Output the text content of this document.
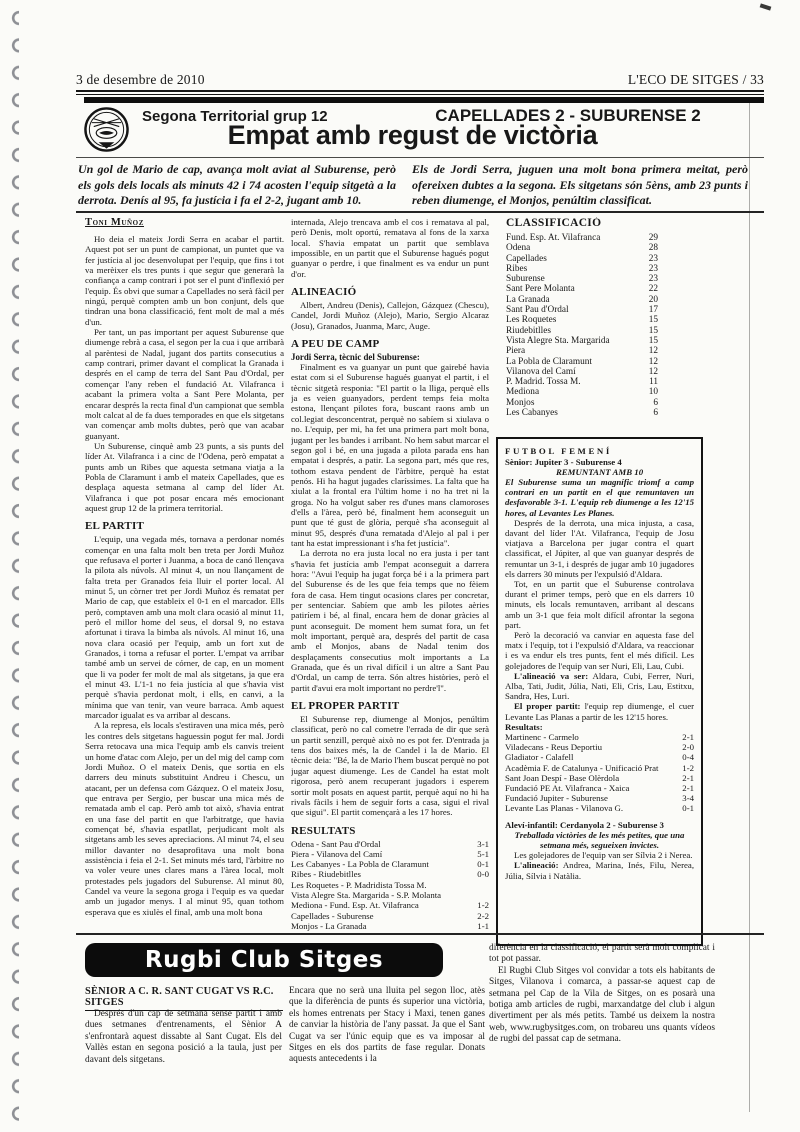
3 de desembre de 2010	L'ECO DE SITGES / 33
Segona Territorial grup 12	CAPELLADES 2 - SUBURENSE 2
Empat amb regust de victòria

Un gol de Mario de cap, avança molt aviat al Suburense, però els gols dels locals als minuts 42 i 74 acosten l'equip sitgetà a la derrota. Denís al 95, fa justícia i fa el 2-2, jugant amb 10.

Els de Jordi Serra, juguen una molt bona primera meitat, però ofereixen dubtes a la segona. Els sitgetans són 5èns, amb 23 punts i reben diumenge, el Monjos, penúltim classificat.

Toni Muñoz

Ho deia el mateix Jordi Serra en acabar el partit. Aquest pot ser un punt de campionat, un puntet que va fer justícia al joc desenvolupat per l'equip, que fins i tot va merèixer els tres punts i que segur que generarà la confiança a camp contrari i pot ser el punt d'inflexió per l'equip. És obvi que sumar a Capellades no serà fàcil per ningú, perquè compten amb un bon conjunt, dels que tindran una bona classificació, fent molt de mal a més d'un.

Per tant, un pas important per aquest Suburense que diumenge rebrà a casa, el segon per la cua i que arribarà al parèntesi de Nadal, jugant dos partits consecutius a camp contrari, primer davant el complicat la Granada i després en el camp de terra del Sant Pau d'Ordal, per començar l'any reben el fundació At. Vilafranca i acabant la primera volta a Sant Pere Molanta, per encarar després la recta final d'un campionat que sembla molt calcat al de fa dues temporades en que els sitgetans van començar amb molts dubtes, però que van acabar guanyant.

Un Suburense, cinquè amb 23 punts, a sis punts del líder At. Vilafranca i a cinc de l'Odena, però empatat a punts amb un Ribes que aquesta setmana viatja a la Pobla de Claramunt i amb el mateix Capellades, que es desplaça aquesta setmana al camp del líder At. Vilafranca i que pot posar encara més emocionant aquest grup 12 de la primera territorial.

EL PARTIT

L'equip, una vegada més, tornava a perdonar només començar en una falta molt ben treta per Jordi Muñoz que refusava el porter i Juanma, a boca de canó llençava la pilota als núvols. Al minut 4, un nou llançament de falta treta per Granados feia lluir el porter local. Al minut 5, un còrner tret per Jordi Muñoz és rematat per Mario de cap, que estableix el 0-1 en el marcador. Ells però, comptaven amb una molt clara ocasió al minut 11, però el millor home del seus, el dorsal 9, no estava afortunat i tirava la bimba als núvols. Al minut 16, una nova clara ocasió per l'equip, amb un fort xut de Granados, i torna a refusar el porter. L'empat va arribar també amb un servei de córner, de cap, en un moment que li va poder fer molt de mal als sitgetans, ja que era el minut 43. L'1-1 no feia justícia al que s'havia vist perquè s'havia perdonat molt, i ells, en canvi, a la mínima que van tenir, van veure barraca. Amb aquest marcador igualat es va arribar al descans.

A la represa, els locals s'estiraven una mica més, però les contres dels sitgetans haguessin pogut fer mal. Jordi Serra retocava una mica l'equip amb els canvis treient un home d'atac com Alejo, per un del mig del camp com Jordi Muñoz. O el mateix Denis, que sortia en els darrers deu minuts substituint Andreu i Chescu, un atacant, per un defensa com Gázquez. O el mateix Josu, que entrava per Sergio, per buscar una mica més de rematada amb el cap. Però amb tot això, s'havia entrat en una fase del partit en que l'arbitratge, que havia començat bé, s'havia espatllat, perjudicant molt als sitgetans amb les seves apreciacions. Al minut 74, el seu millor davanter no desaprofitava una molt bona assistència i feia el 2-1. Set minuts més tard, l'àrbitre no va voler veure unes clares mans a l'àrea local, molt protestades pels jugadors del Suburense. Al minut 80, Candel va veure la segona groga i l'equip es va quedar amb un jugador menys. I al minut 95, quan tothom esperava que es xiulès el final, amb una molt bona

internada, Alejo trencava amb el cos i rematava al pal, però Denis, molt oportú, rematava al fons de la xarxa local. S'havia empatat un partit que semblava impossible, en un partit que el Suburense hagués pogut guanyar o perdre, i que finalment es va endur un punt d'or.

ALINEACIÓ

Albert, Andreu (Denis), Callejon, Gázquez (Chescu), Candel, Jordi Muñoz (Alejo), Mario, Sergio Alcaraz (Josu), Granados, Juanma, Marc, Auge.

A PEU DE CAMP

Jordi Serra, tècnic del Suburense:

Finalment es va guanyar un punt que gairebé havia estat com si el Suburense hagués guanyat el partit, i el tècnic sitgetà responia: "El partit o la lliga, perquè ells ja es veien guanyadors, perdent temps feia molta estona, llençant pilotes fora, buscant raons amb un col.legiat desconcentrat, perquè no sabíem si xiulava o no. L'equip, per mi, ha fet una primera part molt bona, jugant per les bandes i arribant. No hem sabut marcar el segon gol i bé, en una jugada a pilota parada ens han empatat i després, a patir. La segona part, més que res, tothom estava pendent de l'àrbitre, perquè ha estat penós. Hi ha hagut jugades claríssimes. La falta que ha xiulat a la frontal era l'últim home i no ha tret ni la groga. No ha volgut saber res d'unes mans clamoroses d'ells a l'àrea, però bé, finalment hem aconseguit un punt que té gust de glòria, perquè s'ha aconseguit al minut 95, després d'una rematada d'Alejo al pal i per tant ha estat impressionant i s'ha fet justícia".

La derrota no era justa local no era justa i per tant s'havia fet justícia amb l'empat aconseguit a darrera hora: "Avui l'equip ha jugat força bé i a la primera part del Suburense és de les que feia temps que no fèiem fora de casa. Hem tingut ocasions clares per concretar, per sentenciar. Sabíem que amb les pilotes aèries patiríem i bé, al final, encara hem de donar gràcies al punt aconseguit. De moment hem sumat fora, un fet molt important, perquè ara, després del partit de casa amb el Monjos, abans de Nadal tenim dos desplaçaments consecutius molt importants a La Granada, que és un rival difícil i un altre a Sant Pau d'Ordal, un camp de terra. Són altres històries, però el partit d'avui era molt important no perdre'l".

EL PROPER PARTIT

El Suburense rep, diumenge al Monjos, penúltim classificat, però no cal cometre l'errada de dir que serà un partit senzill, perquè això no es pot fer. D'entrada ja tens dos baixes més, la de Candel i la de Mario. El tècnic deia: "Bé, la de Mario l'hem buscat perquè no pot jugar aquest diumenge. Les de Candel ha estat molt rigorosa, però anem recuperant jugadors i esperem sortir molt posats en aquest partit, perquè aquí no hi ha rivals fàcils i hem de seguir forts a casa, sigui el rival que sigui". El partit començarà a les 17 hores.

RESULTATS

Odena - Sant Pau d'Ordal	3-1
Piera - Vilanova del Camí	5-1
Les Cabanyes - La Pobla de Claramunt	0-1
Ribes - Riudebitlles	0-0
Les Roquetes - P. Madridista Tossa M.
Vista Alegre Sta. Margarida - S.P. Molanta
Mediona - Fund. Esp. At. Vilafranca	1-2
Capellades - Suburense	2-2
Monjos - La Granada	1-1

CLASSIFICACIÓ

Fund. Esp. At. Vilafranca	29
Odena	28
Capellades	23
Ribes	23
Suburense	23
Sant Pere Molanta	22
La Granada	20
Sant Pau d'Ordal	17
Les Roquetes	15
Riudebitlles	15
Vista Alegre Sta. Margarida	15
Piera	12
La Pobla de Claramunt	12
Vilanova del Camí	12
P. Madrid. Tossa M.	11
Mediona	10
Monjos	6
Les Cabanyes	6

FUTBOL FEMENÍ

Sènior: Jupiter 3 - Suburense 4

REMUNTANT AMB 10

El Suburense suma un magnífic triomf a camp contrari en un partit en el que remuntaven un desfavorable 3-1. L'equip reb diumenge a les 12'15 hores, al Levantes Les Planes.

Després de la derrota, una mica injusta, a casa, davant del líder l'At. Vilafranca, l'equip de Josu viatjava a Barcelona per jugar contra el quart classificat, el Júpiter, al que van guanyar després de remuntar un 3-1, i després de jugar amb 10 jugadores els darrers 30 minuts per l'expulsió d'Aldara.

Tot, en un partit que el Suburense controlava durant el primer temps, però que en els darrers 10 minuts, els locals remuntaven, arribant al descans amb un 3-1 que feia molt difícil afrontar la segona part.

Però la decoració va canviar en aquesta fase del matx i l'equip, tot i l'expulsió d'Aldara, va reaccionar i es va endur els tres punts, fent el més difícil. Les golejadores de l'equip van ser Nuri, Eli, Lau, Cubi.

L'alineació va ser: Aldara, Cubi, Ferrer, Nuri, Alba, Tati, Judit, Júlia, Nati, Eli, Cris, Lau, Estitxu, Sandra, Hes, Luri.

El proper partit: l'equip rep diumenge, el cuer Levante Las Planas a partir de les 12'15 hores.

Resultats:

Martinenc - Carmelo	2-1
Viladecans - Reus Deportiu	2-0
Gladiator - Calafell	0-4
Acadèmia F. de Catalunya - Unificació Prat	1-2
Sant Joan Despí - Base Olèrdola	2-1
Fundació PE At. Vilafranca - Xaica	2-1
Fundació Jupiter - Suburense	3-4
Levante Las Planas - Vilanova G.	0-1

Aleví-infantil: Cerdanyola 2 - Suburense 3

Treballada victòries de les més petites, que una setmana més, segueixen invictes.

Les golejadores de l'equip van ser Sílvia 2 i Nerea.

L'alineació: Andrea, Marina, Inés, Filu, Nerea, Júlia, Sílvia i Natàlia.

Rugbi Club Sitges
SÈNIOR A C. R. SANT CUGAT VS R.C. SITGES

Després d'un cap de setmana sense partit i amb dues setmanes d'entrenaments, el Sènior A s'enfrontarà aquest dissabte al Sant Cugat. Els del Vallès estan en segona posició a la taula, just per davant dels sitgetans.

Encara que no serà una lluita pel segon lloc, atès que la diferència de punts és superior una victòria, els homes entrenats per Stacy i Maxi, tenen ganes de canviar la història de l'any passat. Ja que el Sant Cugat va ser l'únic equip que es va imposar al Sitges en els dos partits de fase regular. Donats aquests antecedents i la

diferència en la classificació, el partit serà molt complicat i tot pot passar.

El Rugbi Club Sitges vol convidar a tots els habitants de Sitges, Vilanova i comarca, a passar-se aquest cap de setmana pel Cap de la Vila de Sitges, on es posarà una botiga amb articles de rugbi, marxandatge del club i algun divertiment per als més petits. També us deixem la nostra web, www.rugbysitges.com, on trobareu uns quants vídeos de rugbi del passat cap de setmana.
